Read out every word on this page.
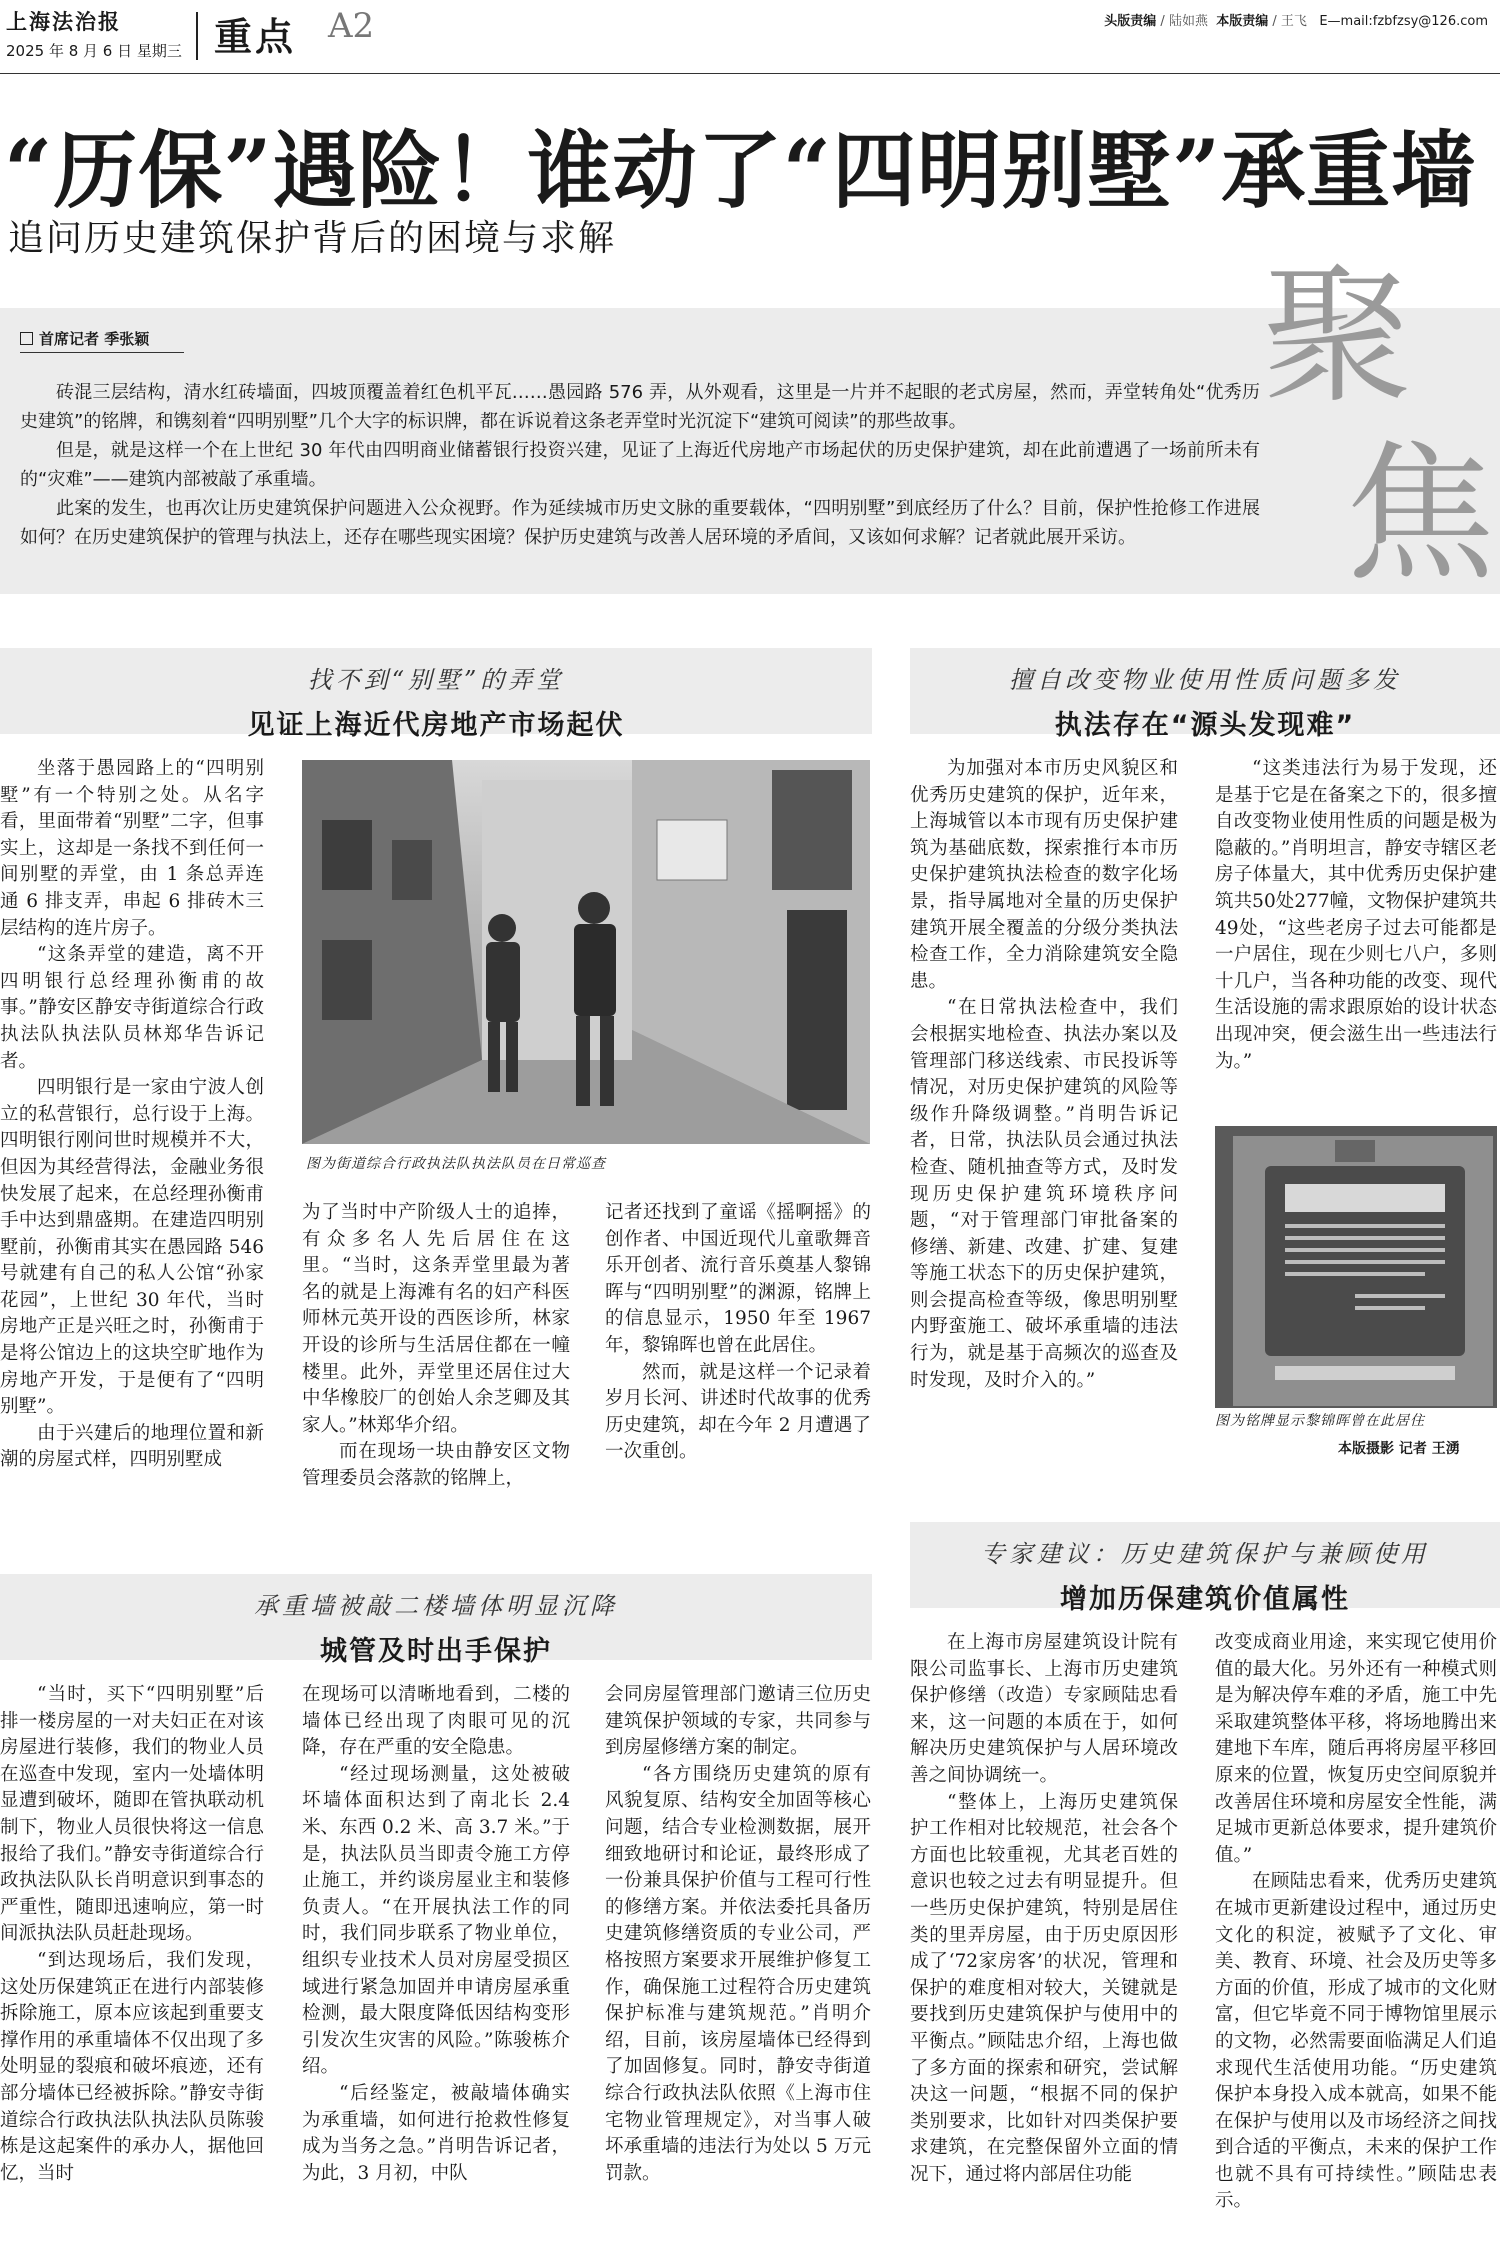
上海法治报
2025 年 8 月 6 日 星期三 重点 A2	头版责编 / 陆如燕 本版责编 / 王飞 E—mail:fzbfzsy@126.com
“历保”遇险！谁动了“四明别墅”承重墙
追问历史建筑保护背后的困境与求解
首席记者 季张颖

砖混三层结构，清水红砖墙面，四坡顶覆盖着红色机平瓦……愚园路 576 弄，从外观看，这里是一片并不起眼的老式房屋，然而，弄堂转角处“优秀历史建筑”的铭牌，和镌刻着“四明别墅”几个大字的标识牌，都在诉说着这条老弄堂时光沉淀下“建筑可阅读”的那些故事。

但是，就是这样一个在上世纪 30 年代由四明商业储蓄银行投资兴建，见证了上海近代房地产市场起伏的历史保护建筑，却在此前遭遇了一场前所未有的“灾难”——建筑内部被敲了承重墙。

此案的发生，也再次让历史建筑保护问题进入公众视野。作为延续城市历史文脉的重要载体，“四明别墅”到底经历了什么？目前，保护性抢修工作进展如何？在历史建筑保护的管理与执法上，还存在哪些现实困境？保护历史建筑与改善人居环境的矛盾间，又该如何求解？记者就此展开采访。

聚
焦
找不到“别墅”的弄堂
见证上海近代房地产市场起伏

坐落于愚园路上的“四明别墅”有一个特别之处。从名字看，里面带着“别墅”二字，但事实上，这却是一条找不到任何一间别墅的弄堂，由 1 条总弄连通 6 排支弄，串起 6 排砖木三层结构的连片房子。

“这条弄堂的建造，离不开四明银行总经理孙衡甫的故事。”静安区静安寺街道综合行政执法队执法队员林郑华告诉记者。

四明银行是一家由宁波人创立的私营银行，总行设于上海。四明银行刚问世时规模并不大，但因为其经营得法，金融业务很快发展了起来，在总经理孙衡甫手中达到鼎盛期。在建造四明别墅前，孙衡甫其实在愚园路 546 号就建有自己的私人公馆“孙家花园”，上世纪 30 年代，当时房地产正是兴旺之时，孙衡甫于是将公馆边上的这块空旷地作为房地产开发，于是便有了“四明别墅”。

由于兴建后的地理位置和新潮的房屋式样，四明别墅成

图为街道综合行政执法队执法队员在日常巡查

为了当时中产阶级人士的追捧，有众多名人先后居住在这里。“当时，这条弄堂里最为著名的就是上海滩有名的妇产科医师林元英开设的西医诊所，林家开设的诊所与生活居住都在一幢楼里。此外，弄堂里还居住过大中华橡胶厂的创始人余芝卿及其家人。”林郑华介绍。

而在现场一块由静安区文物管理委员会落款的铭牌上，

记者还找到了童谣《摇啊摇》的创作者、中国近现代儿童歌舞音乐开创者、流行音乐奠基人黎锦晖与“四明别墅”的渊源，铭牌上的信息显示，1950 年至 1967 年，黎锦晖也曾在此居住。

然而，就是这样一个记录着岁月长河、讲述时代故事的优秀历史建筑，却在今年 2 月遭遇了一次重创。

擅自改变物业使用性质问题多发
执法存在“源头发现难”

为加强对本市历史风貌区和优秀历史建筑的保护，近年来，上海城管以本市现有历史保护建筑为基础底数，探索推行本市历史保护建筑执法检查的数字化场景，指导属地对全量的历史保护建筑开展全覆盖的分级分类执法检查工作，全力消除建筑安全隐患。

“在日常执法检查中，我们会根据实地检查、执法办案以及管理部门移送线索、市民投诉等情况，对历史保护建筑的风险等级作升降级调整。”肖明告诉记者，日常，执法队员会通过执法检查、随机抽查等方式，及时发现历史保护建筑环境秩序问题，“对于管理部门审批备案的修缮、新建、改建、扩建、复建等施工状态下的历史保护建筑，则会提高检查等级，像思明别墅内野蛮施工、破坏承重墙的违法行为，就是基于高频次的巡查及时发现，及时介入的。”

“这类违法行为易于发现，还是基于它是在备案之下的，很多擅自改变物业使用性质的问题是极为隐蔽的。”肖明坦言，静安寺辖区老房子体量大，其中优秀历史保护建筑共50处277幢，文物保护建筑共49处，“这些老房子过去可能都是一户居住，现在少则七八户，多则十几户，当各种功能的改变、现代生活设施的需求跟原始的设计状态出现冲突，便会滋生出一些违法行为。”

图为铭牌显示黎锦晖曾在此居住
本版摄影 记者 王湧
承重墙被敲二楼墙体明显沉降
城管及时出手保护

“当时，买下“四明别墅”后排一楼房屋的一对夫妇正在对该房屋进行装修，我们的物业人员在巡查中发现，室内一处墙体明显遭到破坏，随即在管执联动机制下，物业人员很快将这一信息报给了我们。”静安寺街道综合行政执法队队长肖明意识到事态的严重性，随即迅速响应，第一时间派执法队员赶赴现场。

“到达现场后，我们发现，这处历保建筑正在进行内部装修拆除施工，原本应该起到重要支撑作用的承重墙体不仅出现了多处明显的裂痕和破坏痕迹，还有部分墙体已经被拆除。”静安寺街道综合行政执法队执法队员陈骏栋是这起案件的承办人，据他回忆，当时

在现场可以清晰地看到，二楼的墙体已经出现了肉眼可见的沉降，存在严重的安全隐患。

“经过现场测量，这处被破坏墙体面积达到了南北长 2.4 米、东西 0.2 米、高 3.7 米。”于是，执法队员当即责令施工方停止施工，并约谈房屋业主和装修负责人。“在开展执法工作的同时，我们同步联系了物业单位，组织专业技术人员对房屋受损区域进行紧急加固并申请房屋承重检测，最大限度降低因结构变形引发次生灾害的风险。”陈骏栋介绍。

“后经鉴定，被敲墙体确实为承重墙，如何进行抢救性修复成为当务之急。”肖明告诉记者，为此，3 月初，中队

会同房屋管理部门邀请三位历史建筑保护领域的专家，共同参与到房屋修缮方案的制定。

“各方围绕历史建筑的原有风貌复原、结构安全加固等核心问题，结合专业检测数据，展开细致地研讨和论证，最终形成了一份兼具保护价值与工程可行性的修缮方案。并依法委托具备历史建筑修缮资质的专业公司，严格按照方案要求开展维护修复工作，确保施工过程符合历史建筑保护标准与建筑规范。”肖明介绍，目前，该房屋墙体已经得到了加固修复。同时，静安寺街道综合行政执法队依照《上海市住宅物业管理规定》，对当事人破坏承重墙的违法行为处以 5 万元罚款。

专家建议：历史建筑保护与兼顾使用
增加历保建筑价值属性

在上海市房屋建筑设计院有限公司监事长、上海市历史建筑保护修缮（改造）专家顾陆忠看来，这一问题的本质在于，如何解决历史建筑保护与人居环境改善之间协调统一。

“整体上，上海历史建筑保护工作相对比较规范，社会各个方面也比较重视，尤其老百姓的意识也较之过去有明显提升。但一些历史保护建筑，特别是居住类的里弄房屋，由于历史原因形成了‘72家房客’的状况，管理和保护的难度相对较大，关键就是要找到历史建筑保护与使用中的平衡点。”顾陆忠介绍，上海也做了多方面的探索和研究，尝试解决这一问题，“根据不同的保护类别要求，比如针对四类保护要求建筑，在完整保留外立面的情况下，通过将内部居住功能

改变成商业用途，来实现它使用价值的最大化。另外还有一种模式则是为解决停车难的矛盾，施工中先采取建筑整体平移，将场地腾出来建地下车库，随后再将房屋平移回原来的位置，恢复历史空间原貌并改善居住环境和房屋安全性能，满足城市更新总体要求，提升建筑价值。”

在顾陆忠看来，优秀历史建筑在城市更新建设过程中，通过历史文化的积淀，被赋予了文化、审美、教育、环境、社会及历史等多方面的价值，形成了城市的文化财富，但它毕竟不同于博物馆里展示的文物，必然需要面临满足人们追求现代生活使用功能。“历史建筑保护本身投入成本就高，如果不能在保护与使用以及市场经济之间找到合适的平衡点，未来的保护工作也就不具有可持续性。”顾陆忠表示。
